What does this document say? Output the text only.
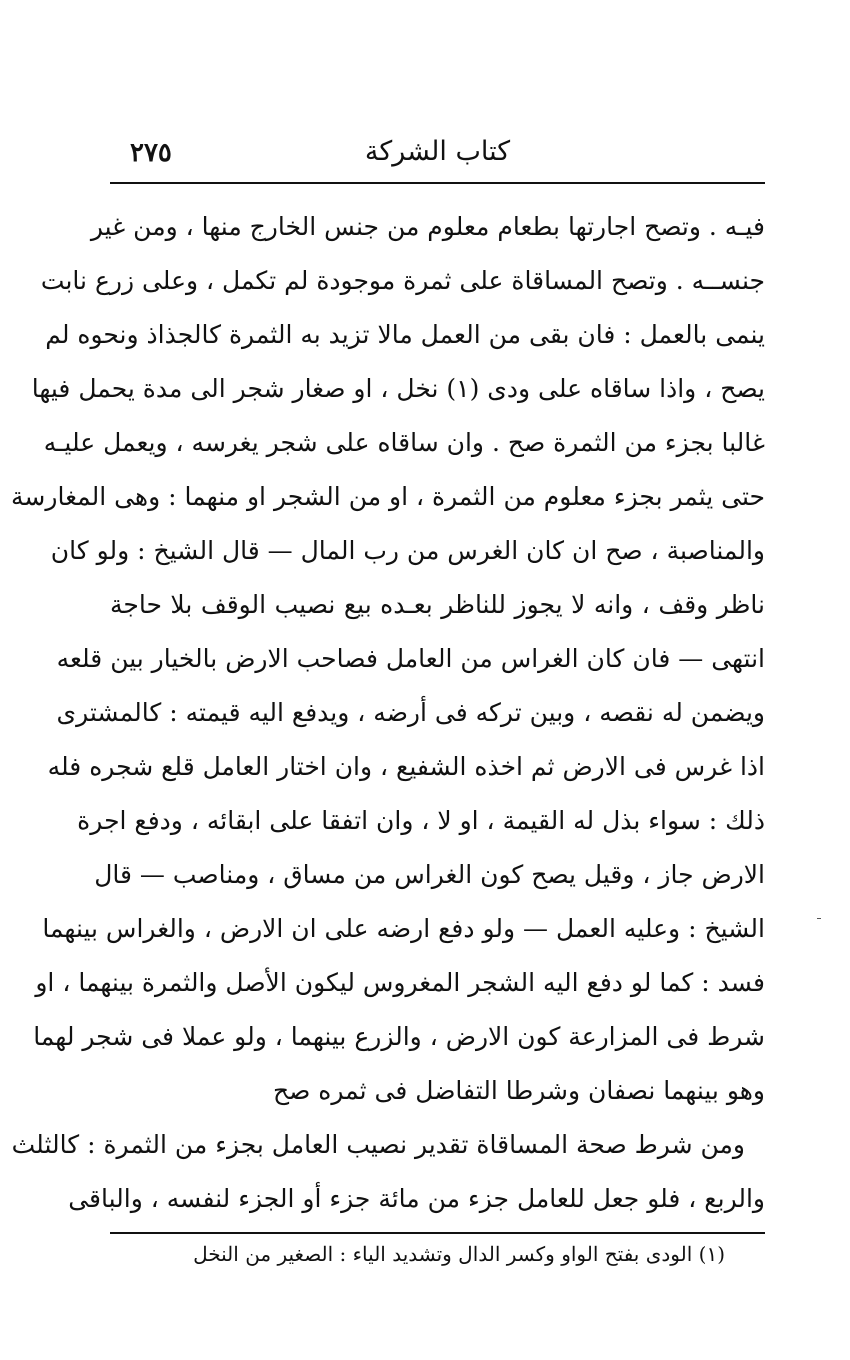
٢٧٥	كتاب الشركة
فيـه . وتصح اجارتها بطعام معلوم من جنس الخارج منها ، ومن غير
جنســه . وتصح المساقاة على ثمرة موجودة لم تكمل ، وعلى زرع نابت
ينمى بالعمل : فان بقى من العمل مالا تزيد به الثمرة كالجذاذ ونحوه لم
يصح ، واذا ساقاه على ودى (١) نخل ، او صغار شجر الى مدة يحمل فيها
غالبا بجزء من الثمرة صح . وان ساقاه على شجر يغرسه ، ويعمل عليـه
حتى يثمر بجزء معلوم من الثمرة ، او من الشجر او منهما : وهى المغارسة
والمناصبة ، صح ان كان الغرس من رب المال — قال الشيخ : ولو كان
ناظر وقف ، وانه لا يجوز للناظر بعـده بيع نصيب الوقف بلا حاجة
انتهى — فان كان الغراس من العامل فصاحب الارض بالخيار بين قلعه
ويضمن له نقصه ، وبين تركه فى أرضه ، ويدفع اليه قيمته : كالمشترى
اذا غرس فى الارض ثم اخذه الشفيع ، وان اختار العامل قلع شجره فله
ذلك : سواء بذل له القيمة ، او لا ، وان اتفقا على ابقائه ، ودفع اجرة
الارض جاز ، وقيل يصح كون الغراس من مساق ، ومناصب — قال
الشيخ : وعليه العمل — ولو دفع ارضه على ان الارض ، والغراس بينهما
فسد : كما لو دفع اليه الشجر المغروس ليكون الأصل والثمرة بينهما ، او
شرط فى المزارعة كون الارض ، والزرع بينهما ، ولو عملا فى شجر لهما
وهو بينهما نصفان وشرطا التفاضل فى ثمره صح
ومن شرط صحة المساقاة تقدير نصيب العامل بجزء من الثمرة : كالثلث
والربع ، فلو جعل للعامل جزء من مائة جزء أو الجزء لنفسه ، والباقى
(١) الودى بفتح الواو وكسر الدال وتشديد الياء : الصغير من النخل
